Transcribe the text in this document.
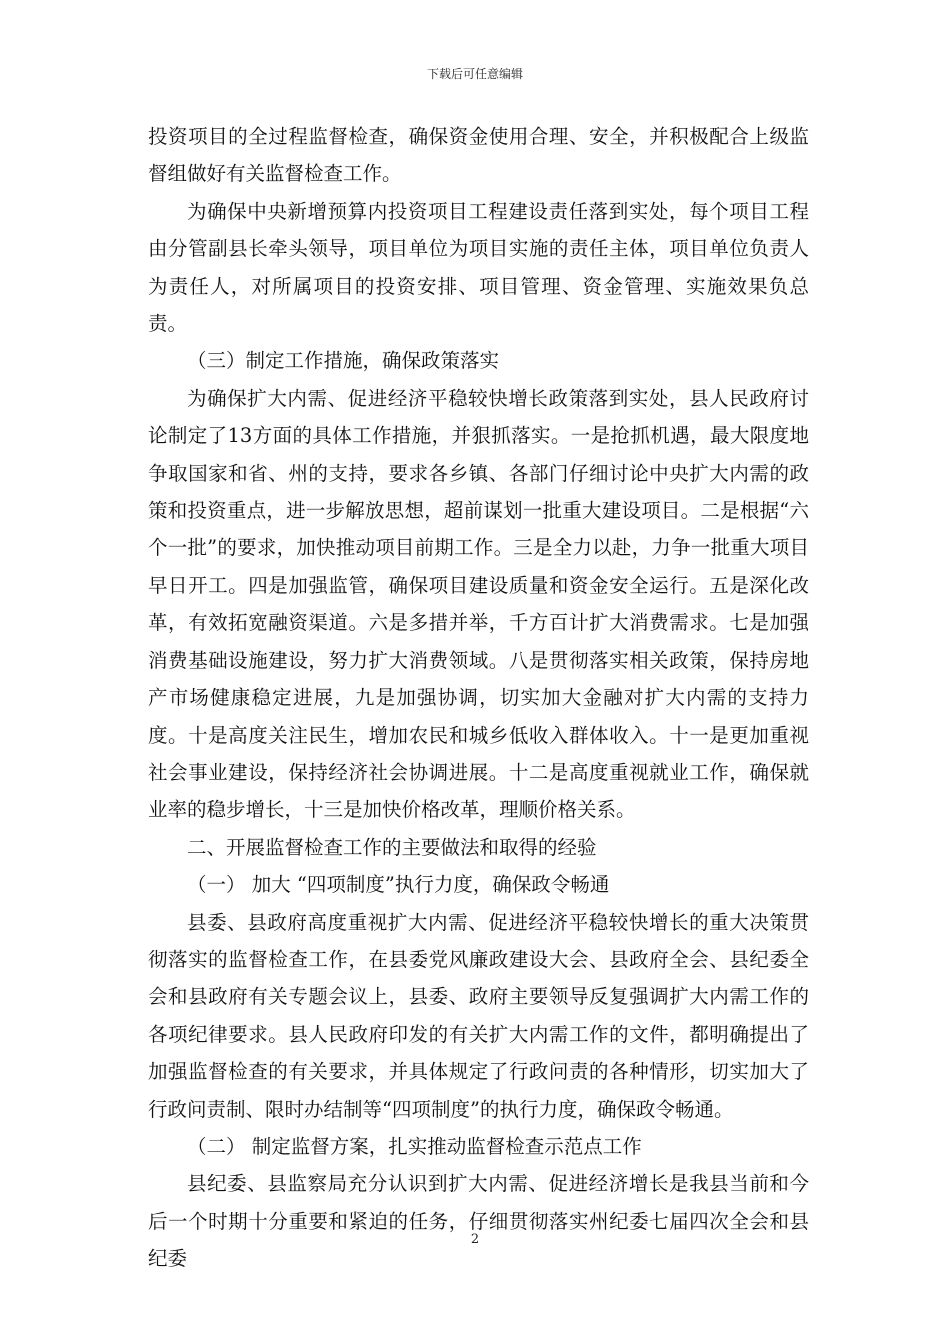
下载后可任意编辑

投资项目的全过程监督检查，确保资金使用合理、安全，并积极配合上级监督组做好有关监督检查工作。

为确保中央新增预算内投资项目工程建设责任落到实处，每个项目工程由分管副县长牵头领导，项目单位为项目实施的责任主体，项目单位负责人为责任人，对所属项目的投资安排、项目管理、资金管理、实施效果负总责。

（三）制定工作措施，确保政策落实

为确保扩大内需、促进经济平稳较快增长政策落到实处，县人民政府讨论制定了13方面的具体工作措施，并狠抓落实。一是抢抓机遇，最大限度地争取国家和省、州的支持，要求各乡镇、各部门仔细讨论中央扩大内需的政策和投资重点，进一步解放思想，超前谋划一批重大建设项目。二是根据“六个一批”的要求，加快推动项目前期工作。三是全力以赴，力争一批重大项目早日开工。四是加强监管，确保项目建设质量和资金安全运行。五是深化改革，有效拓宽融资渠道。六是多措并举，千方百计扩大消费需求。七是加强消费基础设施建设，努力扩大消费领域。八是贯彻落实相关政策，保持房地产市场健康稳定进展，九是加强协调，切实加大金融对扩大内需的支持力度。十是高度关注民生，增加农民和城乡低收入群体收入。十一是更加重视社会事业建设，保持经济社会协调进展。十二是高度重视就业工作，确保就业率的稳步增长，十三是加快价格改革，理顺价格关系。

二、开展监督检查工作的主要做法和取得的经验

（一） 加大 “四项制度”执行力度，确保政令畅通

县委、县政府高度重视扩大内需、促进经济平稳较快增长的重大决策贯彻落实的监督检查工作，在县委党风廉政建设大会、县政府全会、县纪委全会和县政府有关专题会议上，县委、政府主要领导反复强调扩大内需工作的各项纪律要求。县人民政府印发的有关扩大内需工作的文件，都明确提出了加强监督检查的有关要求，并具体规定了行政问责的各种情形，切实加大了行政问责制、限时办结制等“四项制度”的执行力度，确保政令畅通。

（二） 制定监督方案，扎实推动监督检查示范点工作

县纪委、县监察局充分认识到扩大内需、促进经济增长是我县当前和今后一个时期十分重要和紧迫的任务，仔细贯彻落实州纪委七届四次全会和县纪委

2
